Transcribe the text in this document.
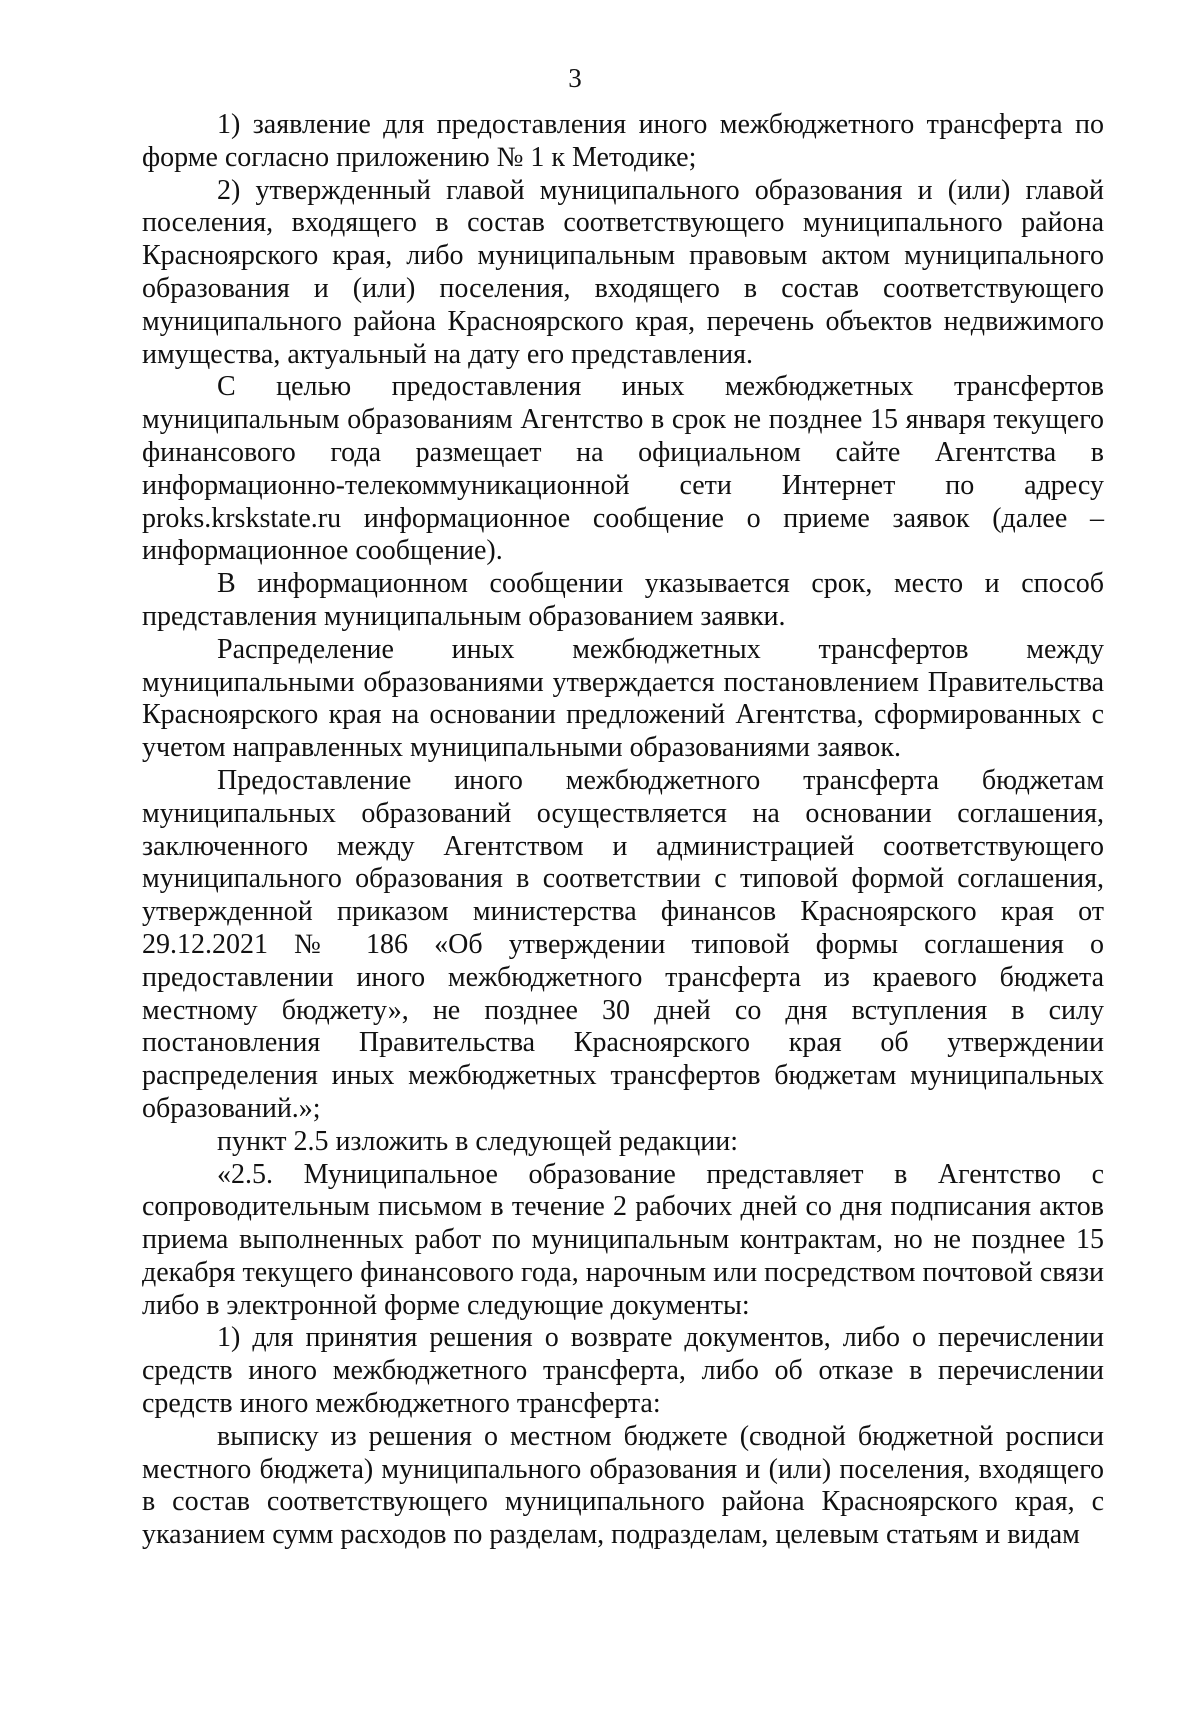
3

1) заявление для предоставления иного межбюджетного трансферта по форме согласно приложению № 1 к Методике;

2) утвержденный главой муниципального образования и (или) главой поселения, входящего в состав соответствующего муниципального района Красноярского края, либо муниципальным правовым актом муниципального образования и (или) поселения, входящего в состав соответствующего муниципального района Красноярского края, перечень объектов недвижимого имущества, актуальный на дату его представления.

С целью предоставления иных межбюджетных трансфертов муниципальным образованиям Агентство в срок не позднее 15 января текущего финансового года размещает на официальном сайте Агентства в информационно-телекоммуникационной сети Интернет по адресу proks.krskstate.ru информационное сообщение о приеме заявок (далее – информационное сообщение).

В информационном сообщении указывается срок, место и способ представления муниципальным образованием заявки.

Распределение иных межбюджетных трансфертов между муниципальными образованиями утверждается постановлением Правительства Красноярского края на основании предложений Агентства, сформированных с учетом направленных муниципальными образованиями заявок.

Предоставление иного межбюджетного трансферта бюджетам муниципальных образований осуществляется на основании соглашения, заключенного между Агентством и администрацией соответствующего муниципального образования в соответствии с типовой формой соглашения, утвержденной приказом министерства финансов Красноярского края от 29.12.2021 № 186 «Об утверждении типовой формы соглашения о предоставлении иного межбюджетного трансферта из краевого бюджета местному бюджету», не позднее 30 дней со дня вступления в силу постановления Правительства Красноярского края об утверждении распределения иных межбюджетных трансфертов бюджетам муниципальных образований.»;

пункт 2.5 изложить в следующей редакции:

«2.5. Муниципальное образование представляет в Агентство с сопроводительным письмом в течение 2 рабочих дней со дня подписания актов приема выполненных работ по муниципальным контрактам, но не позднее 15 декабря текущего финансового года, нарочным или посредством почтовой связи либо в электронной форме следующие документы:

1) для принятия решения о возврате документов, либо о перечислении средств иного межбюджетного трансферта, либо об отказе в перечислении средств иного межбюджетного трансферта:

выписку из решения о местном бюджете (сводной бюджетной росписи местного бюджета) муниципального образования и (или) поселения, входящего в состав соответствующего муниципального района Красноярского края, с указанием сумм расходов по разделам, подразделам, целевым статьям и видам
